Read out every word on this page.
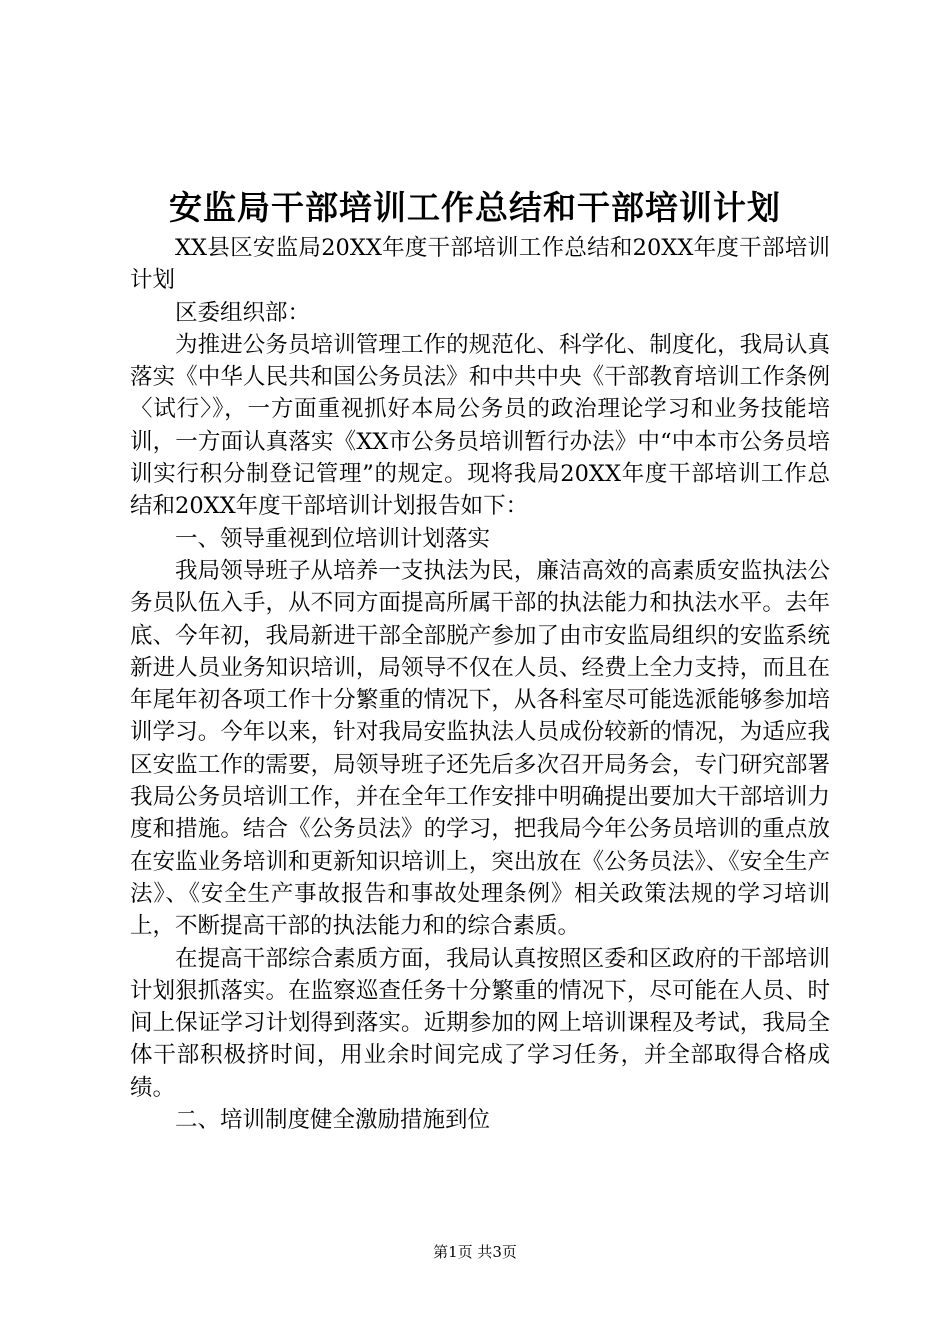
安监局干部培训工作总结和干部培训计划

XX县区安监局20XX年度干部培训工作总结和20XX年度干部培训计划

区委组织部：

为推进公务员培训管理工作的规范化、科学化、制度化，我局认真落实《中华人民共和国公务员法》和中共中央《干部教育培训工作条例〈试行〉》，一方面重视抓好本局公务员的政治理论学习和业务技能培训，一方面认真落实《XX市公务员培训暂行办法》中“中本市公务员培训实行积分制登记管理”的规定。现将我局20XX年度干部培训工作总结和20XX年度干部培训计划报告如下：

一、领导重视到位培训计划落实

我局领导班子从培养一支执法为民，廉洁高效的高素质安监执法公务员队伍入手，从不同方面提高所属干部的执法能力和执法水平。去年底、今年初，我局新进干部全部脱产参加了由市安监局组织的安监系统新进人员业务知识培训，局领导不仅在人员、经费上全力支持，而且在年尾年初各项工作十分繁重的情况下，从各科室尽可能选派能够参加培训学习。今年以来，针对我局安监执法人员成份较新的情况，为适应我区安监工作的需要，局领导班子还先后多次召开局务会，专门研究部署我局公务员培训工作，并在全年工作安排中明确提出要加大干部培训力度和措施。结合《公务员法》的学习，把我局今年公务员培训的重点放在安监业务培训和更新知识培训上，突出放在《公务员法》、《安全生产法》、《安全生产事故报告和事故处理条例》相关政策法规的学习培训上，不断提高干部的执法能力和的综合素质。

在提高干部综合素质方面，我局认真按照区委和区政府的干部培训计划狠抓落实。在监察巡查任务十分繁重的情况下，尽可能在人员、时间上保证学习计划得到落实。近期参加的网上培训课程及考试，我局全体干部积极挤时间，用业余时间完成了学习任务，并全部取得合格成绩。

二、培训制度健全激励措施到位

第1页 共3页
